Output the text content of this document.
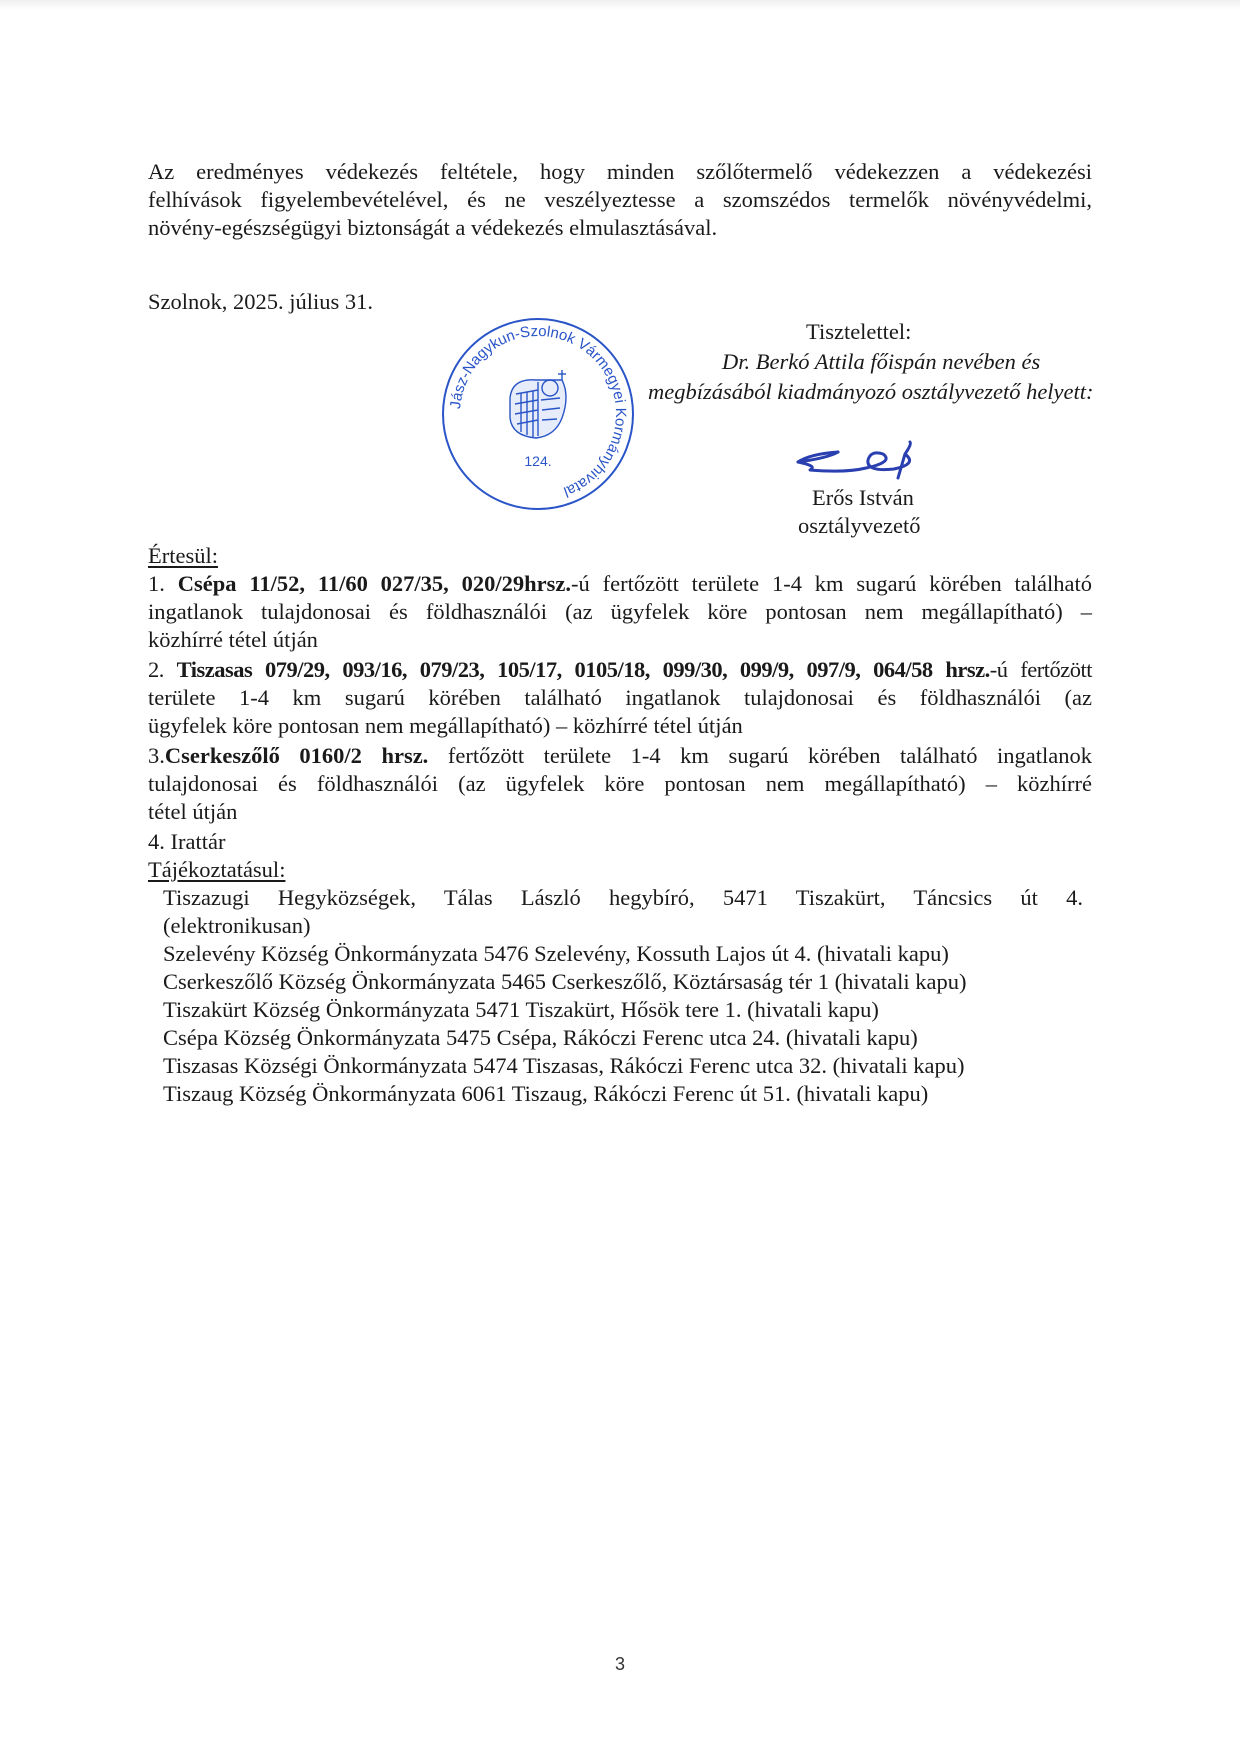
Az eredményes védekezés feltétele, hogy minden szőlőtermelő védekezzen a védekezési
felhívások figyelembevételével, és ne veszélyeztesse a szomszédos termelők növényvédelmi,
növény-egészségügyi biztonságát a védekezés elmulasztásával.
Szolnok, 2025. július 31.
Jász-Nagykun-Szolnok Vármegyei Kormányhivatal
124.
Tisztelettel:
Dr. Berkó Attila főispán nevében és
megbízásából kiadmányozó osztályvezető helyett:
Erős István
osztályvezető
Értesül:
1. Csépa 11/52, 11/60 027/35, 020/29hrsz.-ú fertőzött területe 1-4 km sugarú körében található
ingatlanok tulajdonosai és földhasználói (az ügyfelek köre pontosan nem megállapítható) –
közhírré tétel útján
2. Tiszasas 079/29, 093/16, 079/23, 105/17, 0105/18, 099/30, 099/9, 097/9, 064/58 hrsz.-ú fertőzött
területe 1-4 km sugarú körében található ingatlanok tulajdonosai és földhasználói (az
ügyfelek köre pontosan nem megállapítható) – közhírré tétel útján
3.Cserkeszőlő 0160/2 hrsz. fertőzött területe 1-4 km sugarú körében található ingatlanok
tulajdonosai és földhasználói (az ügyfelek köre pontosan nem megállapítható) – közhírré
tétel útján
4. Irattár
Tájékoztatásul:
Tiszazugi Hegyközségek, Tálas László hegybíró, 5471 Tiszakürt, Táncsics út 4.
(elektronikusan)
Szelevény Község Önkormányzata 5476 Szelevény, Kossuth Lajos út 4. (hivatali kapu)
Cserkeszőlő Község Önkormányzata 5465 Cserkeszőlő, Köztársaság tér 1 (hivatali kapu)
Tiszakürt Község Önkormányzata 5471 Tiszakürt, Hősök tere 1. (hivatali kapu)
Csépa Község Önkormányzata 5475 Csépa, Rákóczi Ferenc utca 24. (hivatali kapu)
Tiszasas Községi Önkormányzata 5474 Tiszasas, Rákóczi Ferenc utca 32. (hivatali kapu)
Tiszaug Község Önkormányzata 6061 Tiszaug, Rákóczi Ferenc út 51. (hivatali kapu)
3
